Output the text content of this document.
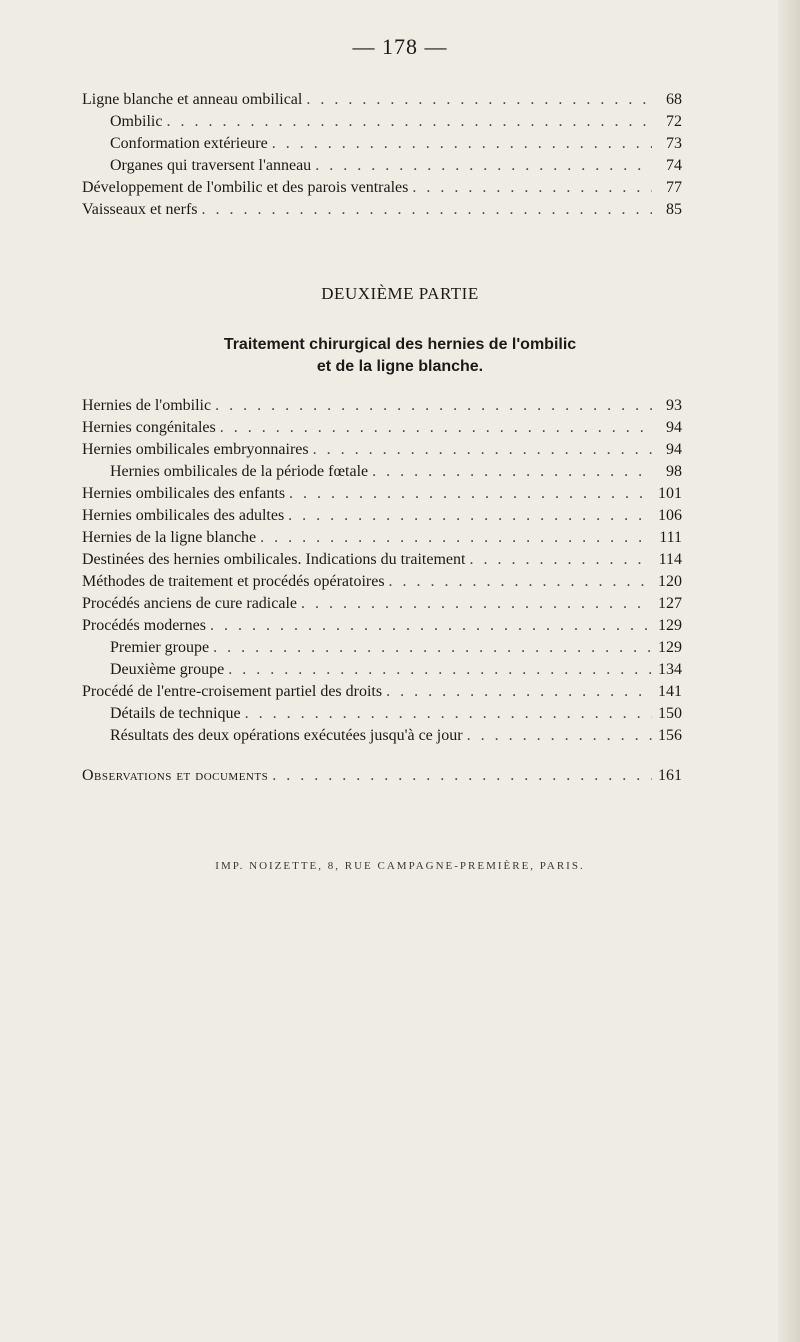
— 178 —
Ligne blanche et anneau ombilical . . .	68
Ombilic . . .	72
Conformation extérieure . . .	73
Organes qui traversent l'anneau . . .	74
Développement de l'ombilic et des parois ventrales . . .	77
Vaisseaux et nerfs . . .	85
DEUXIÈME PARTIE
Traitement chirurgical des hernies de l'ombilic
et de la ligne blanche.
Hernies de l'ombilic . . .	93
Hernies congénitales . . .	94
Hernies ombilicales embryonnaires . . .	94
Hernies ombilicales de la période fœtale . . .	98
Hernies ombilicales des enfants . . .	101
Hernies ombilicales des adultes . . .	106
Hernies de la ligne blanche . . .	111
Destinées des hernies ombilicales. Indications du traitement . . .	114
Méthodes de traitement et procédés opératoires . . .	120
Procédés anciens de cure radicale . . .	127
Procédés modernes . . .	129
Premier groupe . . .	129
Deuxième groupe . . .	134
Procédé de l'entre-croisement partiel des droits . . .	141
Détails de technique . . .	150
Résultats des deux opérations exécutées jusqu'à ce jour . . .	156
Observations et documents . . .	161
IMP. NOIZETTE, 8, RUE CAMPAGNE-PREMIÈRE, PARIS.
